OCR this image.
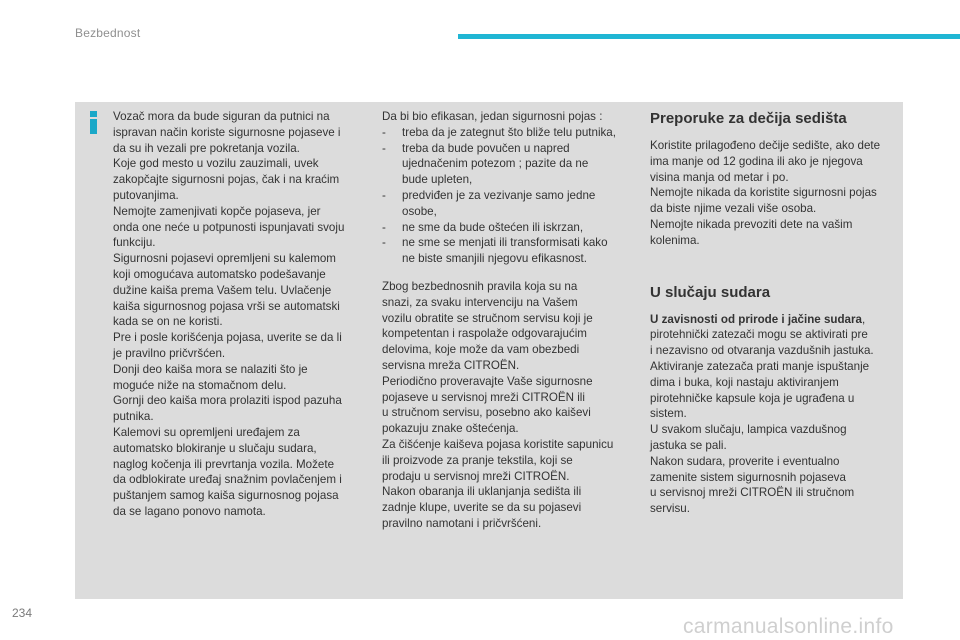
Bezbednost

Vozač mora da bude siguran da putnici na

ispravan način koriste sigurnosne pojaseve i

da su ih vezali pre pokretanja vozila.

Koje god mesto u vozilu zauzimali, uvek

zakopčajte sigurnosni pojas, čak i na kraćim

putovanjima.

Nemojte zamenjivati kopče pojaseva, jer

onda one neće u potpunosti ispunjavati svoju

funkciju.

Sigurnosni pojasevi opremljeni su kalemom

koji omogućava automatsko podešavanje

dužine kaiša prema Vašem telu. Uvlačenje

kaiša sigurnosnog pojasa vrši se automatski

kada se on ne koristi.

Pre i posle korišćenja pojasa, uverite se da li

je pravilno pričvršćen.

Donji deo kaiša mora se nalaziti što je

moguće niže na stomačnom delu.

Gornji deo kaiša mora prolaziti ispod pazuha

putnika.

Kalemovi su opremljeni uređajem za

automatsko blokiranje u slučaju sudara,

naglog kočenja ili prevrtanja vozila. Možete

da odblokirate uređaj snažnim povlačenjem i

puštanjem samog kaiša sigurnosnog pojasa

da se lagano ponovo namota.

Da bi bio efikasan, jedan sigurnosni pojas :

-	treba da je zategnut što bliže telu putnika,

-	treba da bude povučen u napred

ujednačenim potezom ; pazite da ne

bude upleten,

-	predviđen je za vezivanje samo jedne

osobe,

-	ne sme da bude oštećen ili iskrzan,

-	ne sme se menjati ili transformisati kako

ne biste smanjili njegovu efikasnost.

Zbog bezbednosnih pravila koja su na

snazi, za svaku intervenciju na Vašem

vozilu obratite se stručnom servisu koji je

kompetentan i raspolaže odgovarajućim

delovima, koje može da vam obezbedi

servisna mreža CITROËN.

Periodično proveravajte Vaše sigurnosne

pojaseve u servisnoj mreži CITROËN ili

u stručnom servisu, posebno ako kaiševi

pokazuju znake oštećenja.

Za čišćenje kaiševa pojasa koristite sapunicu

ili proizvode za pranje tekstila, koji se

prodaju u servisnoj mreži CITROËN.

Nakon obaranja ili uklanjanja sedišta ili

zadnje klupe, uverite se da su pojasevi

pravilno namotani i pričvršćeni.

Preporuke za dečija sedišta

Koristite prilagođeno dečije sedište, ako dete

ima manje od 12 godina ili ako je njegova

visina manja od metar i po.

Nemojte nikada da koristite sigurnosni pojas

da biste njime vezali više osoba.

Nemojte nikada prevoziti dete na vašim

kolenima.

U slučaju sudara

U zavisnosti od prirode i jačine sudara,

pirotehnički zatezači mogu se aktivirati pre

i nezavisno od otvaranja vazdušnih jastuka.

Aktiviranje zatezača prati manje ispuštanje

dima i buka, koji nastaju aktiviranjem

pirotehničke kapsule koja je ugrađena u

sistem.

U svakom slučaju, lampica vazdušnog

jastuka se pali.

Nakon sudara, proverite i eventualno

zamenite sistem sigurnosnih pojaseva

u servisnoj mreži CITROËN ili stručnom

servisu.

234
carmanualsonline.info
